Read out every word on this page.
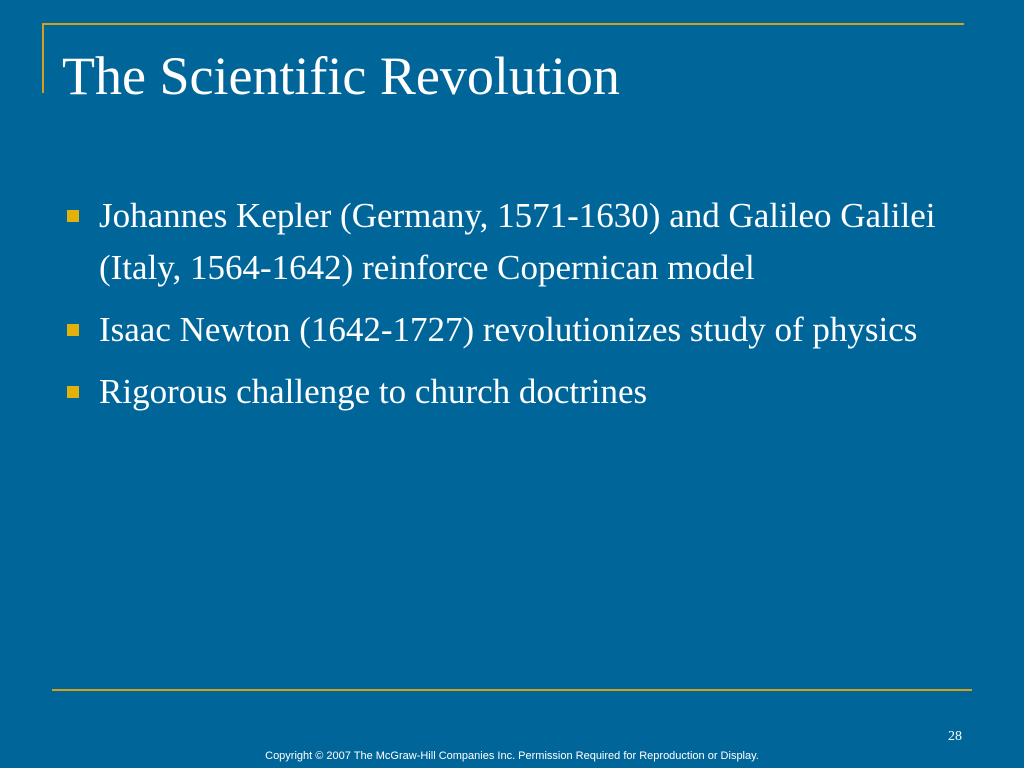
The Scientific Revolution
Johannes Kepler (Germany, 1571-1630) and Galileo Galilei (Italy, 1564-1642) reinforce Copernican model
Isaac Newton (1642-1727) revolutionizes study of physics
Rigorous challenge to church doctrines
28
Copyright © 2007 The McGraw-Hill Companies Inc. Permission Required for Reproduction or Display.
